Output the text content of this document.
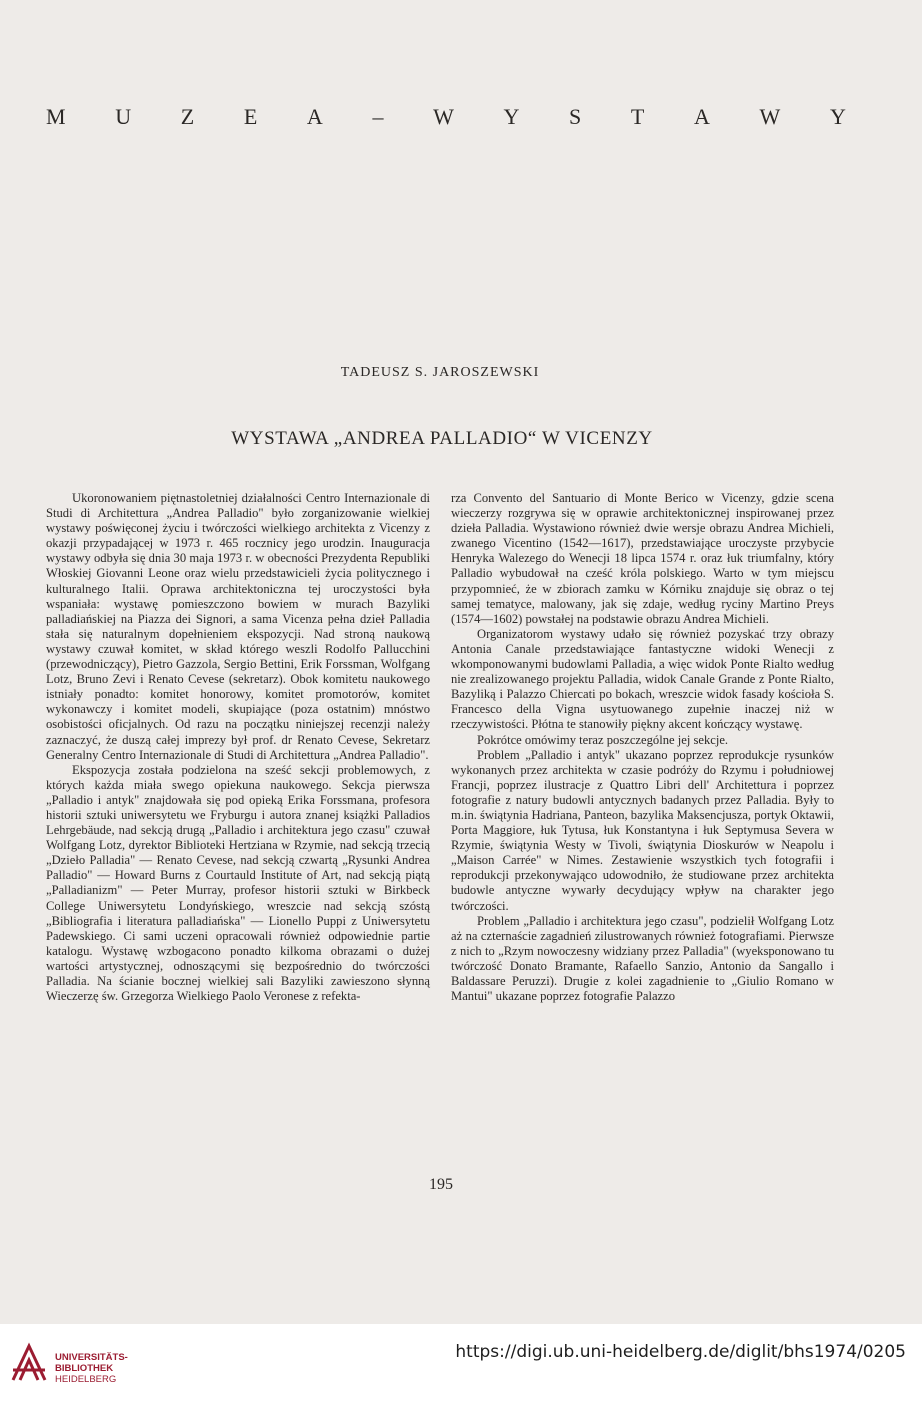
M U Z E A – W Y S T A W Y
TADEUSZ S. JAROSZEWSKI
WYSTAWA „ANDREA PALLADIO“ W VICENZY

Ukoronowaniem piętnastoletniej działalności Centro Internazionale di Studi di Architettura „Andrea Palladio" było zorganizowanie wielkiej wystawy poświęconej życiu i twórczości wielkiego architekta z Vicenzy z okazji przypadającej w 1973 r. 465 rocznicy jego urodzin. Inauguracja wystawy odbyła się dnia 30 maja 1973 r. w obecności Prezydenta Republiki Włoskiej Giovanni Leone oraz wielu przedstawicieli życia politycznego i kulturalnego Italii. Oprawa architektoniczna tej uroczystości była wspaniała: wystawę pomieszczono bowiem w murach Bazyliki palladiańskiej na Piazza dei Signori, a sama Vicenza pełna dzieł Palladia stała się naturalnym dopełnieniem ekspozycji. Nad stroną naukową wystawy czuwał komitet, w skład którego weszli Rodolfo Pallucchini (przewodniczący), Pietro Gazzola, Sergio Bettini, Erik Forssman, Wolfgang Lotz, Bruno Zevi i Renato Cevese (sekretarz). Obok komitetu naukowego istniały ponadto: komitet honorowy, komitet promotorów, komitet wykonawczy i komitet modeli, skupiające (poza ostatnim) mnóstwo osobistości oficjalnych. Od razu na początku niniejszej recenzji należy zaznaczyć, że duszą całej imprezy był prof. dr Renato Cevese, Sekretarz Generalny Centro Internazionale di Studi di Architettura „Andrea Palladio".

Ekspozycja została podzielona na sześć sekcji problemowych, z których każda miała swego opiekuna naukowego. Sekcja pierwsza „Palladio i antyk" znajdowała się pod opieką Erika Forssmana, profesora historii sztuki uniwersytetu we Fryburgu i autora znanej książki Palladios Lehrgebäude, nad sekcją drugą „Palladio i architektura jego czasu" czuwał Wolfgang Lotz, dyrektor Biblioteki Hertziana w Rzymie, nad sekcją trzecią „Dzieło Palladia" — Renato Cevese, nad sekcją czwartą „Rysunki Andrea Palladio" — Howard Burns z Courtauld Institute of Art, nad sekcją piątą „Palladianizm" — Peter Murray, profesor historii sztuki w Birkbeck College Uniwersytetu Londyńskiego, wreszcie nad sekcją szóstą „Bibliografia i literatura palladiańska" — Lionello Puppi z Uniwersytetu Padewskiego. Ci sami uczeni opracowali również odpowiednie partie katalogu. Wystawę wzbogacono ponadto kilkoma obrazami o dużej wartości artystycznej, odnoszącymi się bezpośrednio do twórczości Palladia. Na ścianie bocznej wielkiej sali Bazyliki zawieszono słynną Wieczerzę św. Grzegorza Wielkiego Paolo Veronese z refekta-

rza Convento del Santuario di Monte Berico w Vicenzy, gdzie scena wieczerzy rozgrywa się w oprawie architektonicznej inspirowanej przez dzieła Palladia. Wystawiono również dwie wersje obrazu Andrea Michieli, zwanego Vicentino (1542—1617), przedstawiające uroczyste przybycie Henryka Walezego do Wenecji 18 lipca 1574 r. oraz łuk triumfalny, który Palladio wybudował na cześć króla polskiego. Warto w tym miejscu przypomnieć, że w zbiorach zamku w Kórniku znajduje się obraz o tej samej tematyce, malowany, jak się zdaje, według ryciny Martino Preys (1574—1602) powstałej na podstawie obrazu Andrea Michieli.

Organizatorom wystawy udało się również pozyskać trzy obrazy Antonia Canale przedstawiające fantastyczne widoki Wenecji z wkomponowanymi budowlami Palladia, a więc widok Ponte Rialto według nie zrealizowanego projektu Palladia, widok Canale Grande z Ponte Rialto, Bazyliką i Palazzo Chiercati po bokach, wreszcie widok fasady kościoła S. Francesco della Vigna usytuowanego zupełnie inaczej niż w rzeczywistości. Płótna te stanowiły piękny akcent kończący wystawę.

Pokrótce omówimy teraz poszczególne jej sekcje.

Problem „Palladio i antyk" ukazano poprzez reprodukcje rysunków wykonanych przez architekta w czasie podróży do Rzymu i południowej Francji, poprzez ilustracje z Quattro Libri dell' Architettura i poprzez fotografie z natury budowli antycznych badanych przez Palladia. Były to m.in. świątynia Hadriana, Panteon, bazylika Maksencjusza, portyk Oktawii, Porta Maggiore, łuk Tytusa, łuk Konstantyna i łuk Septymusa Severa w Rzymie, świątynia Westy w Tivoli, świątynia Dioskurów w Neapolu i „Maison Carrée" w Nimes. Zestawienie wszystkich tych fotografii i reprodukcji przekonywająco udowodniło, że studiowane przez architekta budowle antyczne wywarły decydujący wpływ na charakter jego twórczości.

Problem „Palladio i architektura jego czasu", podzielił Wolfgang Lotz aż na czternaście zagadnień zilustrowanych również fotografiami. Pierwsze z nich to „Rzym nowoczesny widziany przez Palladia" (wyeksponowano tu twórczość Donato Bramante, Rafaello Sanzio, Antonio da Sangallo i Baldassare Peruzzi). Drugie z kolei zagadnienie to „Giulio Romano w Mantui" ukazane poprzez fotografie Palazzo

195
UNIVERSITÄTS-
BIBLIOTHEK
HEIDELBERG
https://digi.ub.uni-heidelberg.de/diglit/bhs1974/0205
